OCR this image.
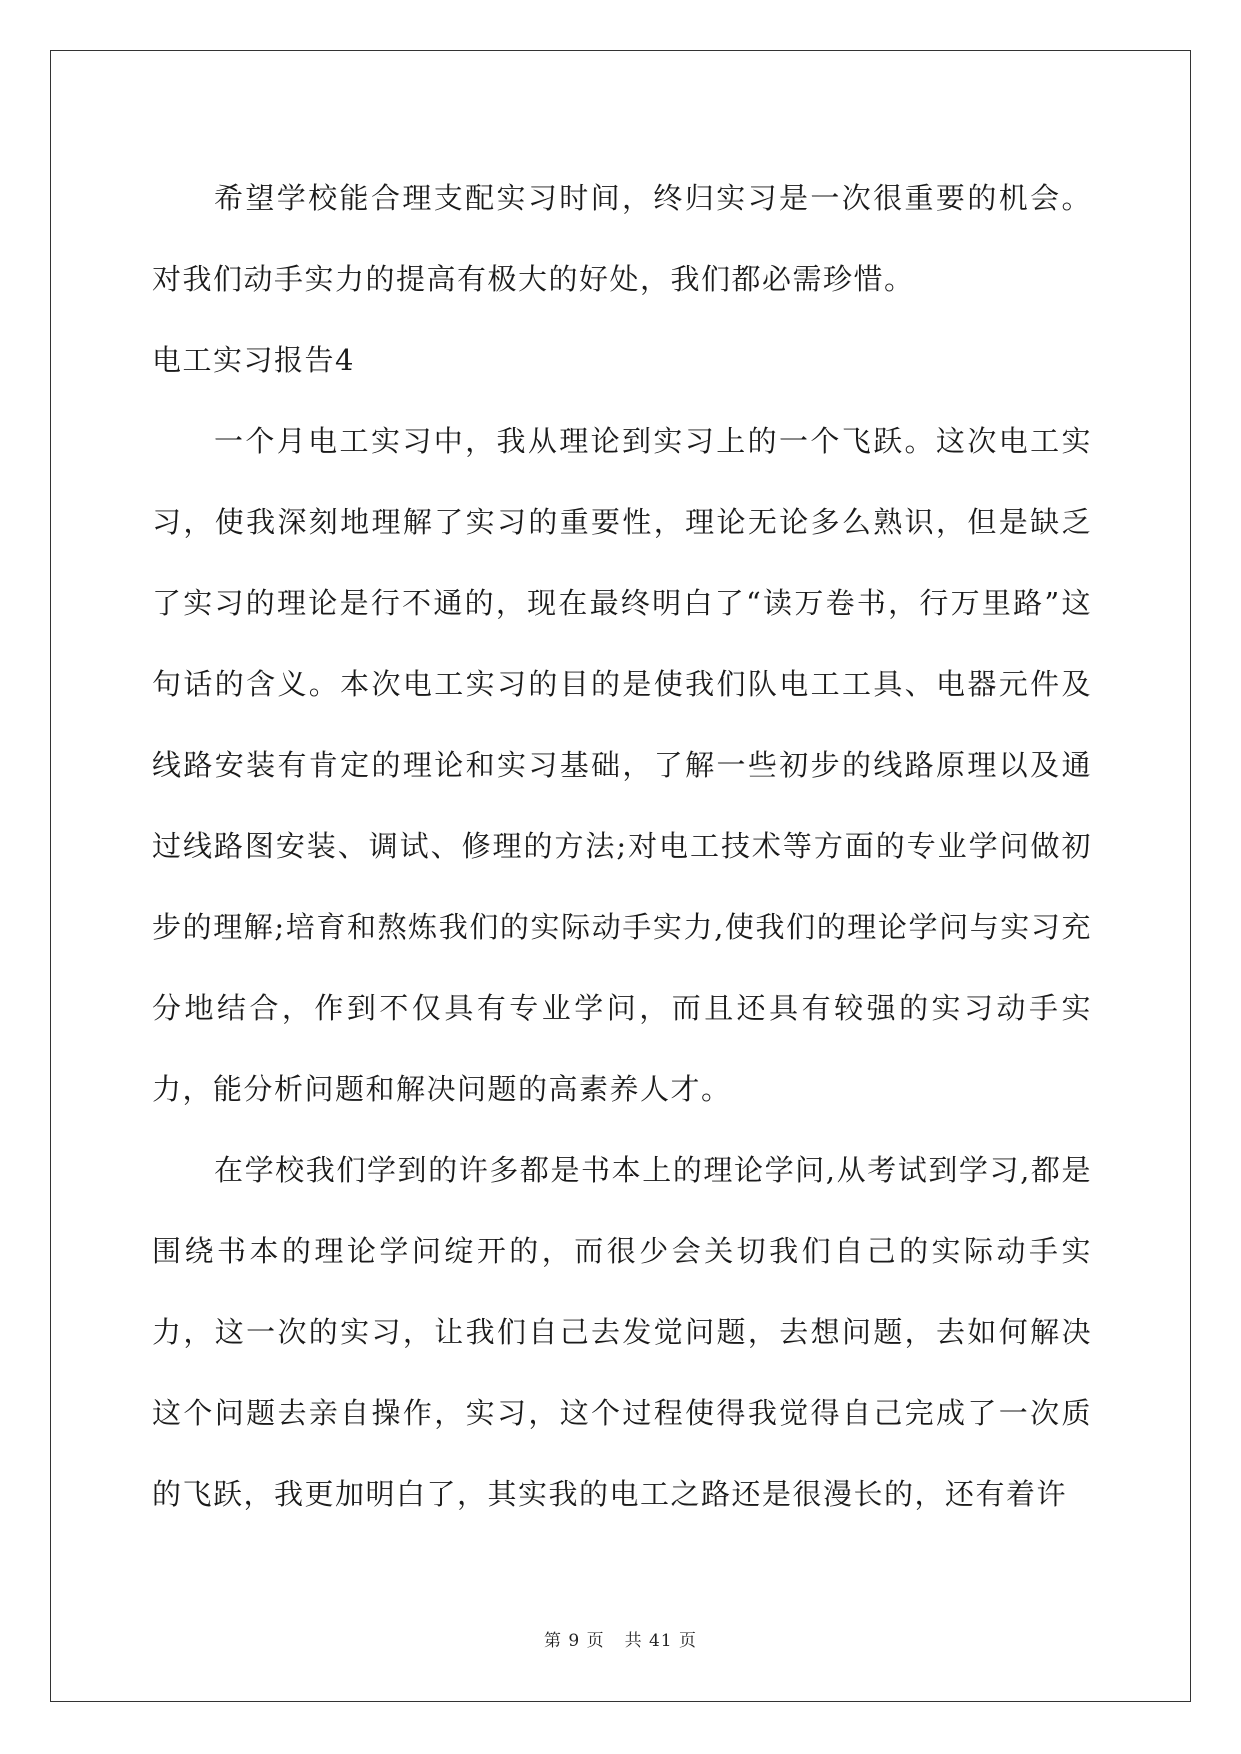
希望学校能合理支配实习时间，终归实习是一次很重要的机会。对我们动手实力的提高有极大的好处，我们都必需珍惜。

电工实习报告4

一个月电工实习中，我从理论到实习上的一个飞跃。这次电工实习，使我深刻地理解了实习的重要性，理论无论多么熟识，但是缺乏了实习的理论是行不通的，现在最终明白了“读万卷书，行万里路”这句话的含义。本次电工实习的目的是使我们队电工工具、电器元件及线路安装有肯定的理论和实习基础，了解一些初步的线路原理以及通过线路图安装、调试、修理的方法;对电工技术等方面的专业学问做初步的理解;培育和熬炼我们的实际动手实力,使我们的理论学问与实习充分地结合，作到不仅具有专业学问，而且还具有较强的实习动手实力，能分析问题和解决问题的高素养人才。

在学校我们学到的许多都是书本上的理论学问,从考试到学习,都是围绕书本的理论学问绽开的，而很少会关切我们自己的实际动手实力，这一次的实习，让我们自己去发觉问题，去想问题，去如何解决这个问题去亲自操作，实习，这个过程使得我觉得自己完成了一次质的飞跃，我更加明白了，其实我的电工之路还是很漫长的，还有着许

第 9 页 共 41 页
